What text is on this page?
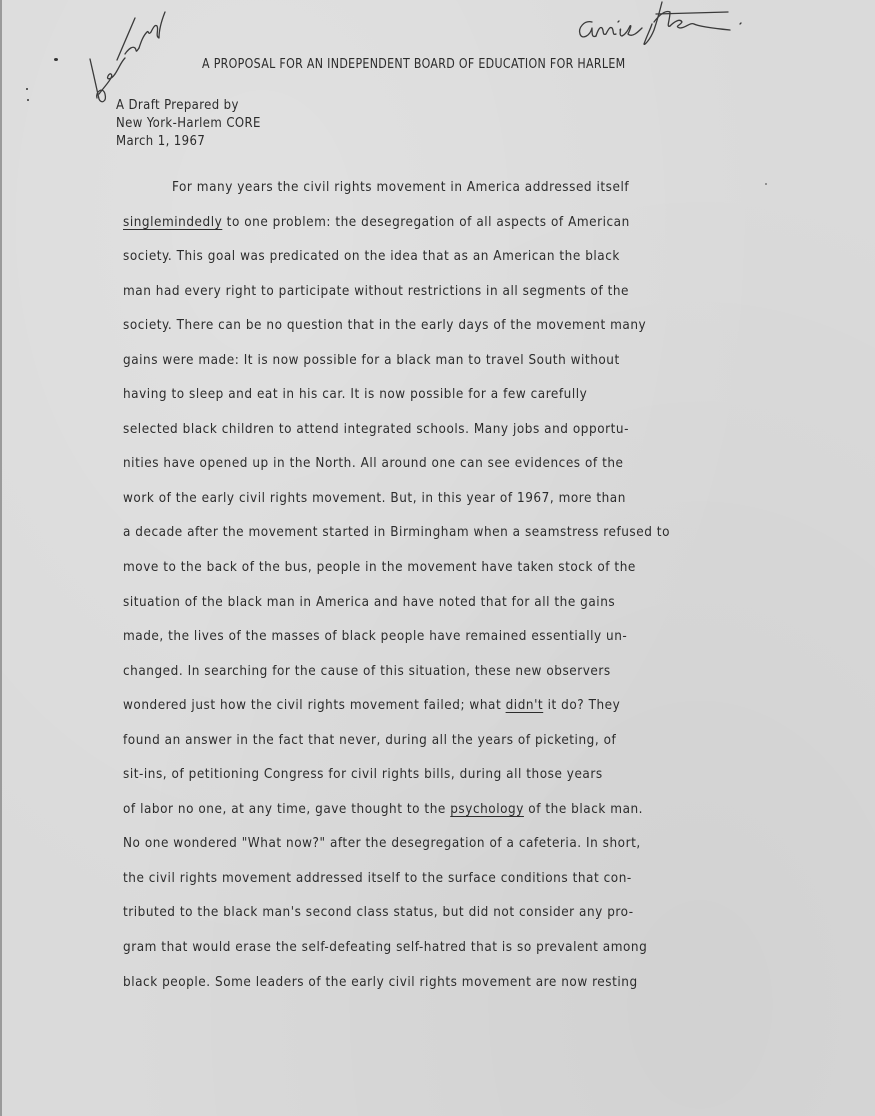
A PROPOSAL FOR AN INDEPENDENT BOARD OF EDUCATION FOR HARLEM
A Draft Prepared by
New York-Harlem CORE
March 1, 1967
For many years the civil rights movement in America addressed itself
singlemindedly to one problem: the desegregation of all aspects of American
society. This goal was predicated on the idea that as an American the black
man had every right to participate without restrictions in all segments of the
society. There can be no question that in the early days of the movement many
gains were made: It is now possible for a black man to travel South without
having to sleep and eat in his car. It is now possible for a few carefully
selected black children to attend integrated schools. Many jobs and opportu-
nities have opened up in the North. All around one can see evidences of the
work of the early civil rights movement. But, in this year of 1967, more than
a decade after the movement started in Birmingham when a seamstress refused to
move to the back of the bus, people in the movement have taken stock of the
situation of the black man in America and have noted that for all the gains
made, the lives of the masses of black people have remained essentially un-
changed. In searching for the cause of this situation, these new observers
wondered just how the civil rights movement failed; what didn't it do? They
found an answer in the fact that never, during all the years of picketing, of
sit-ins, of petitioning Congress for civil rights bills, during all those years
of labor no one, at any time, gave thought to the psychology of the black man.
No one wondered "What now?" after the desegregation of a cafeteria. In short,
the civil rights movement addressed itself to the surface conditions that con-
tributed to the black man's second class status, but did not consider any pro-
gram that would erase the self-defeating self-hatred that is so prevalent among
black people. Some leaders of the early civil rights movement are now resting
